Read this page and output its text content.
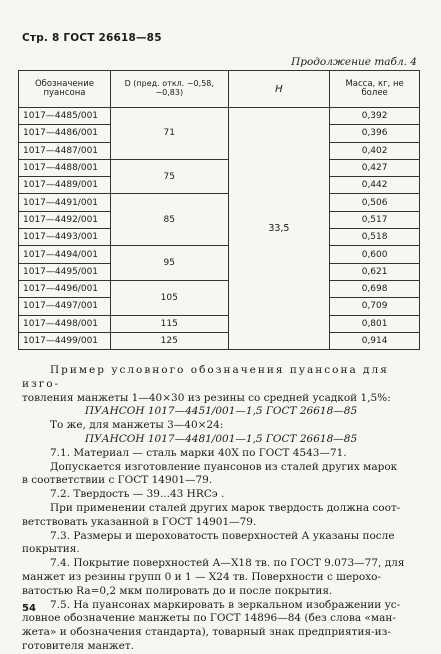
Стр. 8 ГОСТ 26618—85
Продолжение табл. 4
Обозначение пуансона	D (пред. откл. −0,58, −0,83)	H	Масса, кг, не более
1017—4485/001	71	33,5	0,392
1017—4486/001			0,396
1017—4487/001			0,402
1017—4488/001	75		0,427
1017—4489/001			0,442
1017—4491/001	85		0,506
1017—4492/001			0,517
1017—4493/001			0,518
1017—4494/001	95		0,600
1017—4495/001			0,621
1017—4496/001	105		0,698
1017—4497/001			0,709
1017—4498/001	115		0,801
1017—4499/001	125		0,914

Пример условного обозначения пуансона для изго-

товления манжеты 1—40×30 из резины со средней усадкой 1,5%:

ПУАНСОН 1017—4451/001—1,5 ГОСТ 26618—85

То же, для манжеты 3—40×24:

ПУАНСОН 1017—4481/001—1,5 ГОСТ 26618—85

7.1. Материал — сталь марки 40Х по ГОСТ 4543—71.

Допускается изготовление пуансонов из сталей других марок

в соответствии с ГОСТ 14901—79.

7.2. Твердость — 39...43 HRCэ .

При применении сталей других марок твердость должна соот-

ветствовать указанной в ГОСТ 14901—79.

7.3. Размеры и шероховатость поверхностей А указаны после

покрытия.

7.4. Покрытие поверхностей А—Х18 тв. по ГОСТ 9.073—77, для

манжет из резины групп 0 и 1 — Х24 тв. Поверхности с шерохо-

ватостью Ra=0,2 мкм полировать до и после покрытия.

7.5. На пуансонах маркировать в зеркальном изображении ус-

ловное обозначение манжеты по ГОСТ 14896—84 (без слова «ман-

жета» и обозначения стандарта), товарный знак предприятия-из-

готовителя манжет.

54
